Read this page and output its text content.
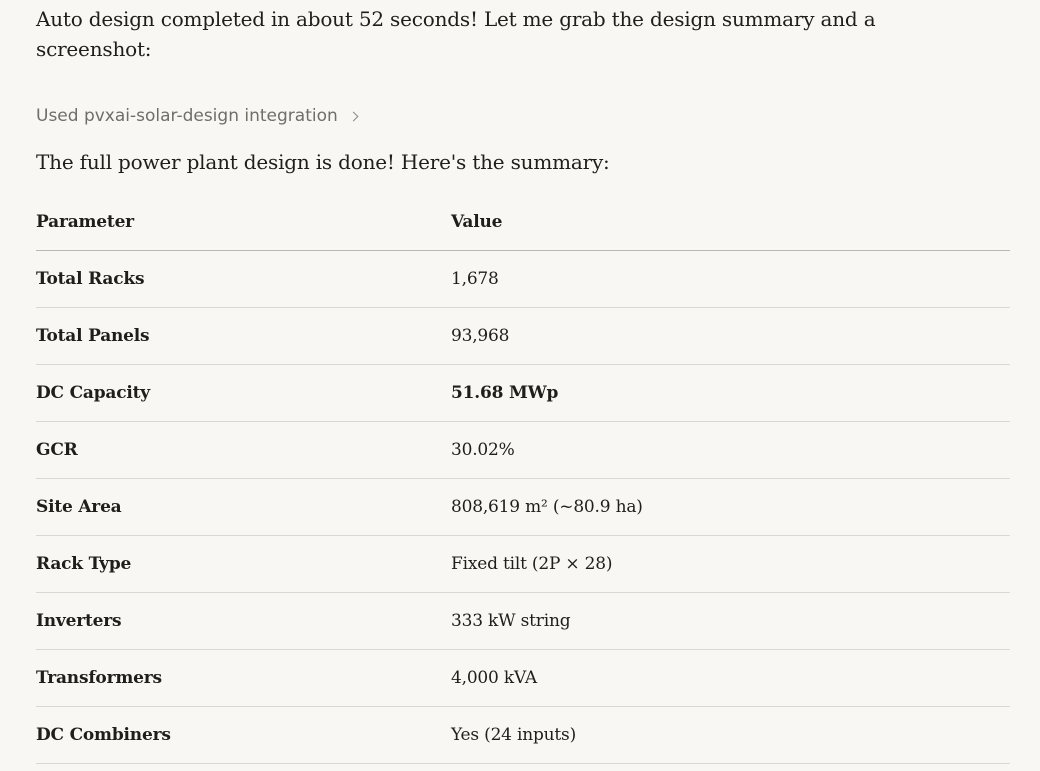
Auto design completed in about 52 seconds! Let me grab the design summary and a screenshot:

Used pvxai-solar-design integration

The full power plant design is done! Here's the summary:

Parameter	Value
Total Racks	1,678
Total Panels	93,968
DC Capacity	51.68 MWp
GCR	30.02%
Site Area	808,619 m² (~80.9 ha)
Rack Type	Fixed tilt (2P × 28)
Inverters	333 kW string
Transformers	4,000 kVA
DC Combiners	Yes (24 inputs)
